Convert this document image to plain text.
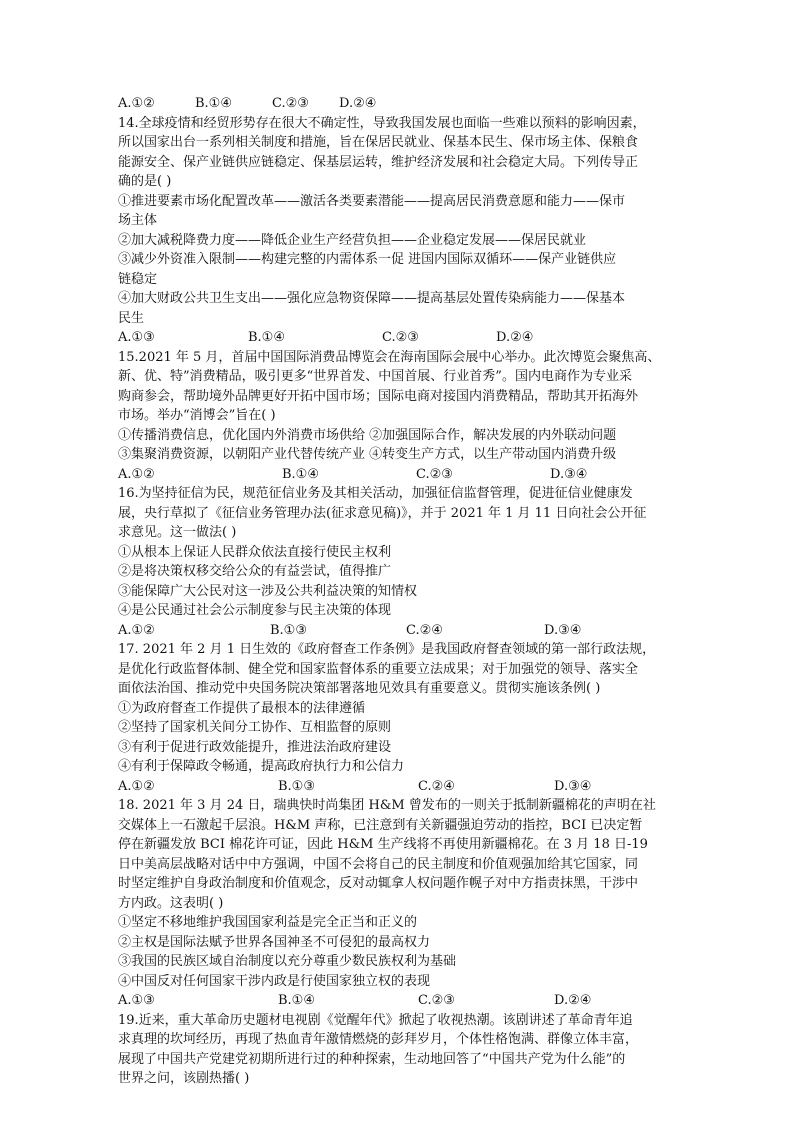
A.①②	B.①④	C.②③	D.②④
14.全球疫情和经贸形势存在很大不确定性，导致我国发展也面临一些难以预料的影响因素，
所以国家出台一系列相关制度和措施，旨在保居民就业、保基本民生、保市场主体、保粮食
能源安全、保产业链供应链稳定、保基层运转，维护经济发展和社会稳定大局。下列传导正
确的是( )
①推进要素市场化配置改革——激活各类要素潜能——提高居民消费意愿和能力——保市
场主体
②加大减税降费力度——降低企业生产经营负担——企业稳定发展——保居民就业
③减少外资准入限制——构建完整的内需体系一促 进国内国际双循环——保产业链供应
链稳定
④加大财政公共卫生支出——强化应急物资保障——提高基层处置传染病能力——保基本
民生
A.①③	B.①④	C.②③	D.②④
15.2021 年 5 月，首届中国国际消费品博览会在海南国际会展中心举办。此次博览会聚焦高、
新、优、特”消费精品，吸引更多“世界首发、中国首展、行业首秀”。国内电商作为专业采
购商参会，帮助境外品牌更好开拓中国市场；国际电商对接国内消费精品，帮助其开拓海外
市场。举办“消博会”旨在( )
①传播消费信息，优化国内外消费市场供给 ②加强国际合作，解决发展的内外联动问题
③集聚消费资源，以朝阳产业代替传统产业 ④转变生产方式，以生产带动国内消费升级
A.①②	B.①④	C.②③	D.③④
16.为坚持征信为民，规范征信业务及其相关活动，加强征信监督管理，促进征信业健康发
展，央行草拟了《征信业务管理办法(征求意见稿)》，并于 2021 年 1 月 11 日向社会公开征
求意见。这一做法( )
①从根本上保证人民群众依法直接行使民主权利
②是将决策权移交给公众的有益尝试，值得推广
③能保障广大公民对这一涉及公共利益决策的知情权
④是公民通过社会公示制度参与民主决策的体现
A.①②	B.①③	C.②④	D.③④
17. 2021 年 2 月 1 日生效的《政府督查工作条例》是我国政府督查领域的第一部行政法规，
是优化行政监督体制、健全党和国家监督体系的重要立法成果；对于加强党的领导、落实全
面依法治国、推动党中央国务院决策部署落地见效具有重要意义。贯彻实施该条例( )
①为政府督查工作提供了最根本的法律遵循
②坚持了国家机关间分工协作、互相监督的原则
③有利于促进行政效能提升，推进法治政府建设
④有利于保障政令畅通，提高政府执行力和公信力
A.①②	B.①③	C.②④	D.③④
18. 2021 年 3 月 24 日，瑞典快时尚集团 H&M 曾发布的一则关于抵制新疆棉花的声明在社
交媒体上一石激起千层浪。H&M 声称，已注意到有关新疆强迫劳动的指控，BCI 已决定暂
停在新疆发放 BCI 棉花许可证，因此 H&M 生产线将不再使用新疆棉花。在 3 月 18 日-19
日中美高层战略对话中中方强调，中国不会将自己的民主制度和价值观强加给其它国家，同
时坚定维护自身政治制度和价值观念，反对动辄拿人权问题作幌子对中方指责抹黑，干涉中
方内政。这表明( )
①坚定不移地维护我国国家利益是完全正当和正义的
②主权是国际法赋予世界各国神圣不可侵犯的最高权力
③我国的民族区域自治制度以充分尊重少数民族权利为基础
④中国反对任何国家干涉内政是行使国家独立权的表现
A.①③	B.①④	C.②③	D.②④
19.近来，重大革命历史题材电视剧《觉醒年代》掀起了收视热潮。该剧讲述了革命青年追
求真理的坎坷经历，再现了热血青年激情燃烧的彭拜岁月，个体性格饱满、群像立体丰富，
展现了中国共产党建党初期所进行过的种种探索，生动地回答了“中国共产党为什么能”的
世界之问，该剧热播( )
